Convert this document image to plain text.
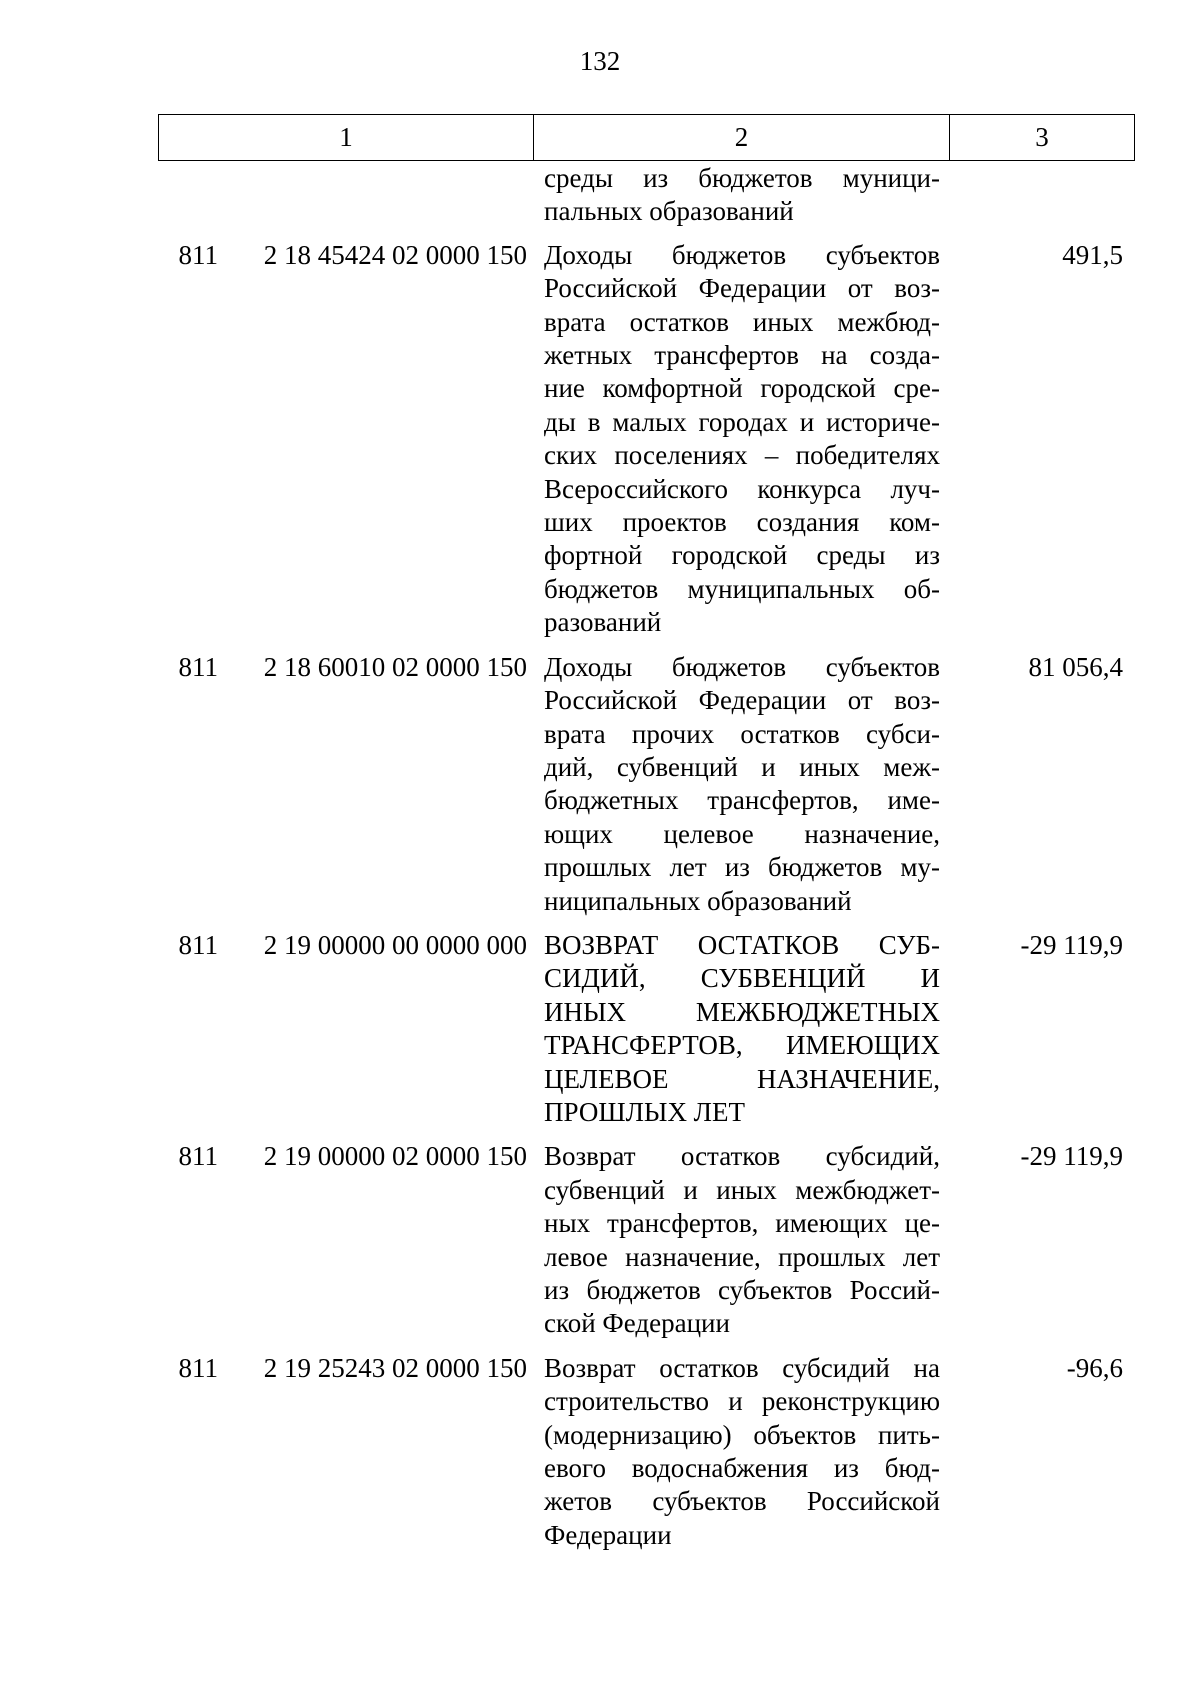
132
1	2	3
среды из бюджетов муници-
пальных образований
811	2 18 45424 02 0000 150 Доходы бюджетов субъектов
Российской Федерации от воз-
врата остатков иных межбюд-
жетных трансфертов на созда-
ние комфортной городской сре-
ды в малых городах и историче-
ских поселениях – победителях
Всероссийского конкурса луч-
ших проектов создания ком-
фортной городской среды из
бюджетов муниципальных об-
разований
491,5
811	2 18 60010 02 0000 150 Доходы бюджетов субъектов
Российской Федерации от воз-
врата прочих остатков субси-
дий, субвенций и иных меж-
бюджетных трансфертов, име-
ющих целевое назначение,
прошлых лет из бюджетов му-
ниципальных образований
81 056,4
811	2 19 00000 00 0000 000 ВОЗВРАТ ОСТАТКОВ СУБ-
СИДИЙ, СУБВЕНЦИЙ И
ИНЫХ МЕЖБЮДЖЕТНЫХ
ТРАНСФЕРТОВ, ИМЕЮЩИХ
ЦЕЛЕВОЕ НАЗНАЧЕНИЕ,
ПРОШЛЫХ ЛЕТ
-29 119,9
811	2 19 00000 02 0000 150 Возврат остатков субсидий,
субвенций и иных межбюджет-
ных трансфертов, имеющих це-
левое назначение, прошлых лет
из бюджетов субъектов Россий-
ской Федерации
-29 119,9
811	2 19 25243 02 0000 150 Возврат остатков субсидий на
строительство и реконструкцию
(модернизацию) объектов пить-
евого водоснабжения из бюд-
жетов субъектов Российской
Федерации
-96,6
